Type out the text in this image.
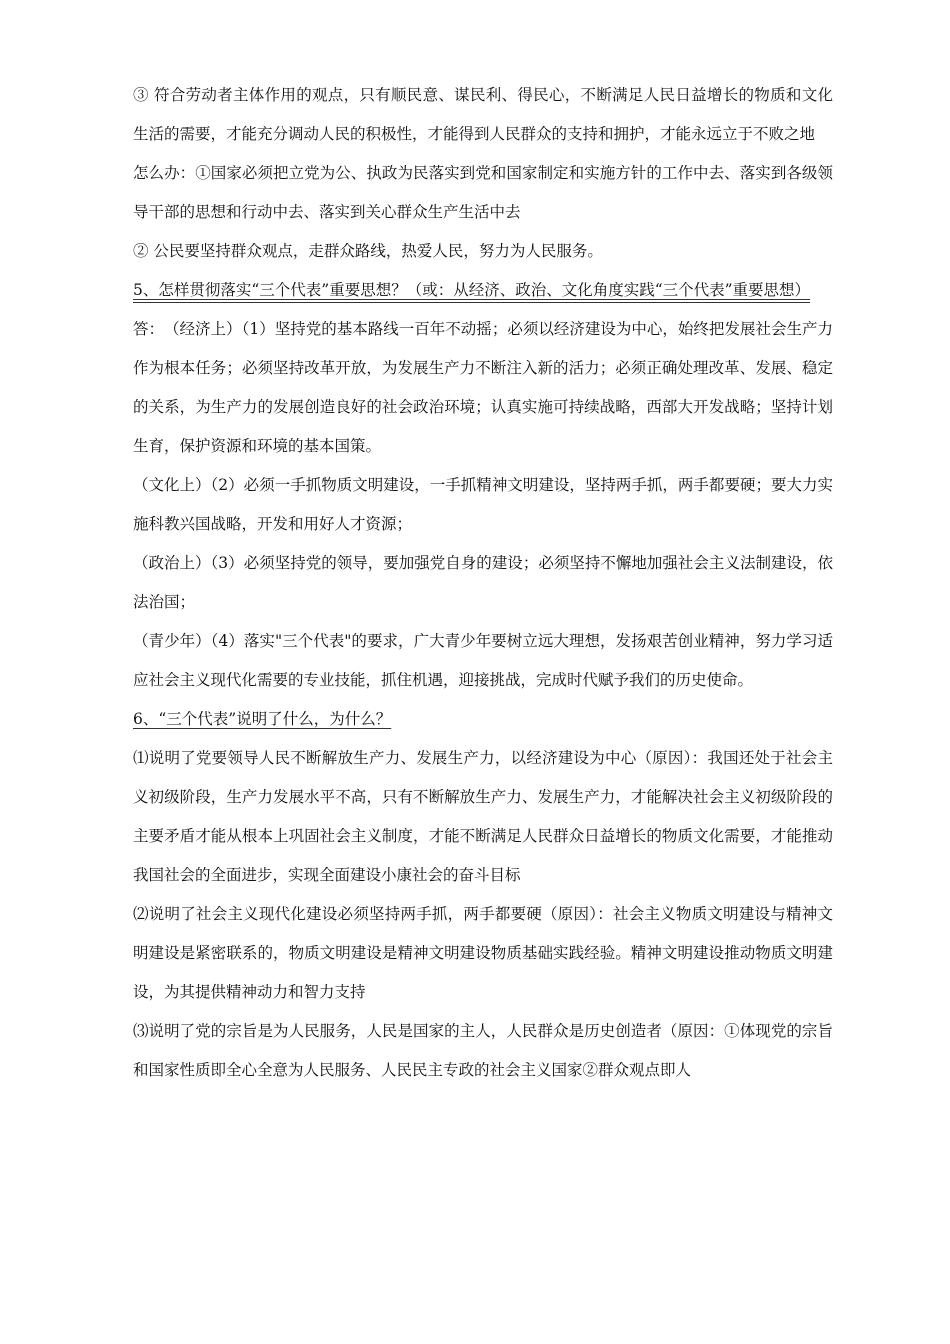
③ 符合劳动者主体作用的观点，只有顺民意、谋民利、得民心，不断满足人民日益增长的物质和文化生活的需要，才能充分调动人民的积极性，才能得到人民群众的支持和拥护，才能永远立于不败之地

怎么办：①国家必须把立党为公、执政为民落实到党和国家制定和实施方针的工作中去、落实到各级领导干部的思想和行动中去、落实到关心群众生产生活中去

② 公民要坚持群众观点，走群众路线，热爱人民，努力为人民服务。

5、怎样贯彻落实“三个代表”重要思想？（或：从经济、政治、文化角度实践“三个代表”重要思想）

答：　（经济上）（1）坚持党的基本路线一百年不动摇；必须以经济建设为中心，始终把发展社会生产力作为根本任务；必须坚持改革开放，为发展生产力不断注入新的活力；必须正确处理改革、发展、稳定的关系，为生产力的发展创造良好的社会政治环境；认真实施可持续战略，西部大开发战略；坚持计划生育，保护资源和环境的基本国策。

（文化上）（2）必须一手抓物质文明建设，一手抓精神文明建设，坚持两手抓，两手都要硬；要大力实施科教兴国战略，开发和用好人才资源；

（政治上）（3）必须坚持党的领导，要加强党自身的建设；必须坚持不懈地加强社会主义法制建设，依法治国；

（青少年）（4）落实"三个代表"的要求，广大青少年要树立远大理想，发扬艰苦创业精神，努力学习适应社会主义现代化需要的专业技能，抓住机遇，迎接挑战，完成时代赋予我们的历史使命。

6、“三个代表”说明了什么，为什么？

⑴说明了党要领导人民不断解放生产力、发展生产力，以经济建设为中心（原因）：我国还处于社会主义初级阶段，生产力发展水平不高，只有不断解放生产力、发展生产力，才能解决社会主义初级阶段的主要矛盾才能从根本上巩固社会主义制度，才能不断满足人民群众日益增长的物质文化需要，才能推动我国社会的全面进步，实现全面建设小康社会的奋斗目标

⑵说明了社会主义现代化建设必须坚持两手抓，两手都要硬（原因）：社会主义物质文明建设与精神文明建设是紧密联系的，物质文明建设是精神文明建设物质基础实践经验。精神文明建设推动物质文明建设，为其提供精神动力和智力支持

⑶说明了党的宗旨是为人民服务，人民是国家的主人，人民群众是历史创造者（原因：①体现党的宗旨和国家性质即全心全意为人民服务、人民民主专政的社会主义国家②群众观点即人
